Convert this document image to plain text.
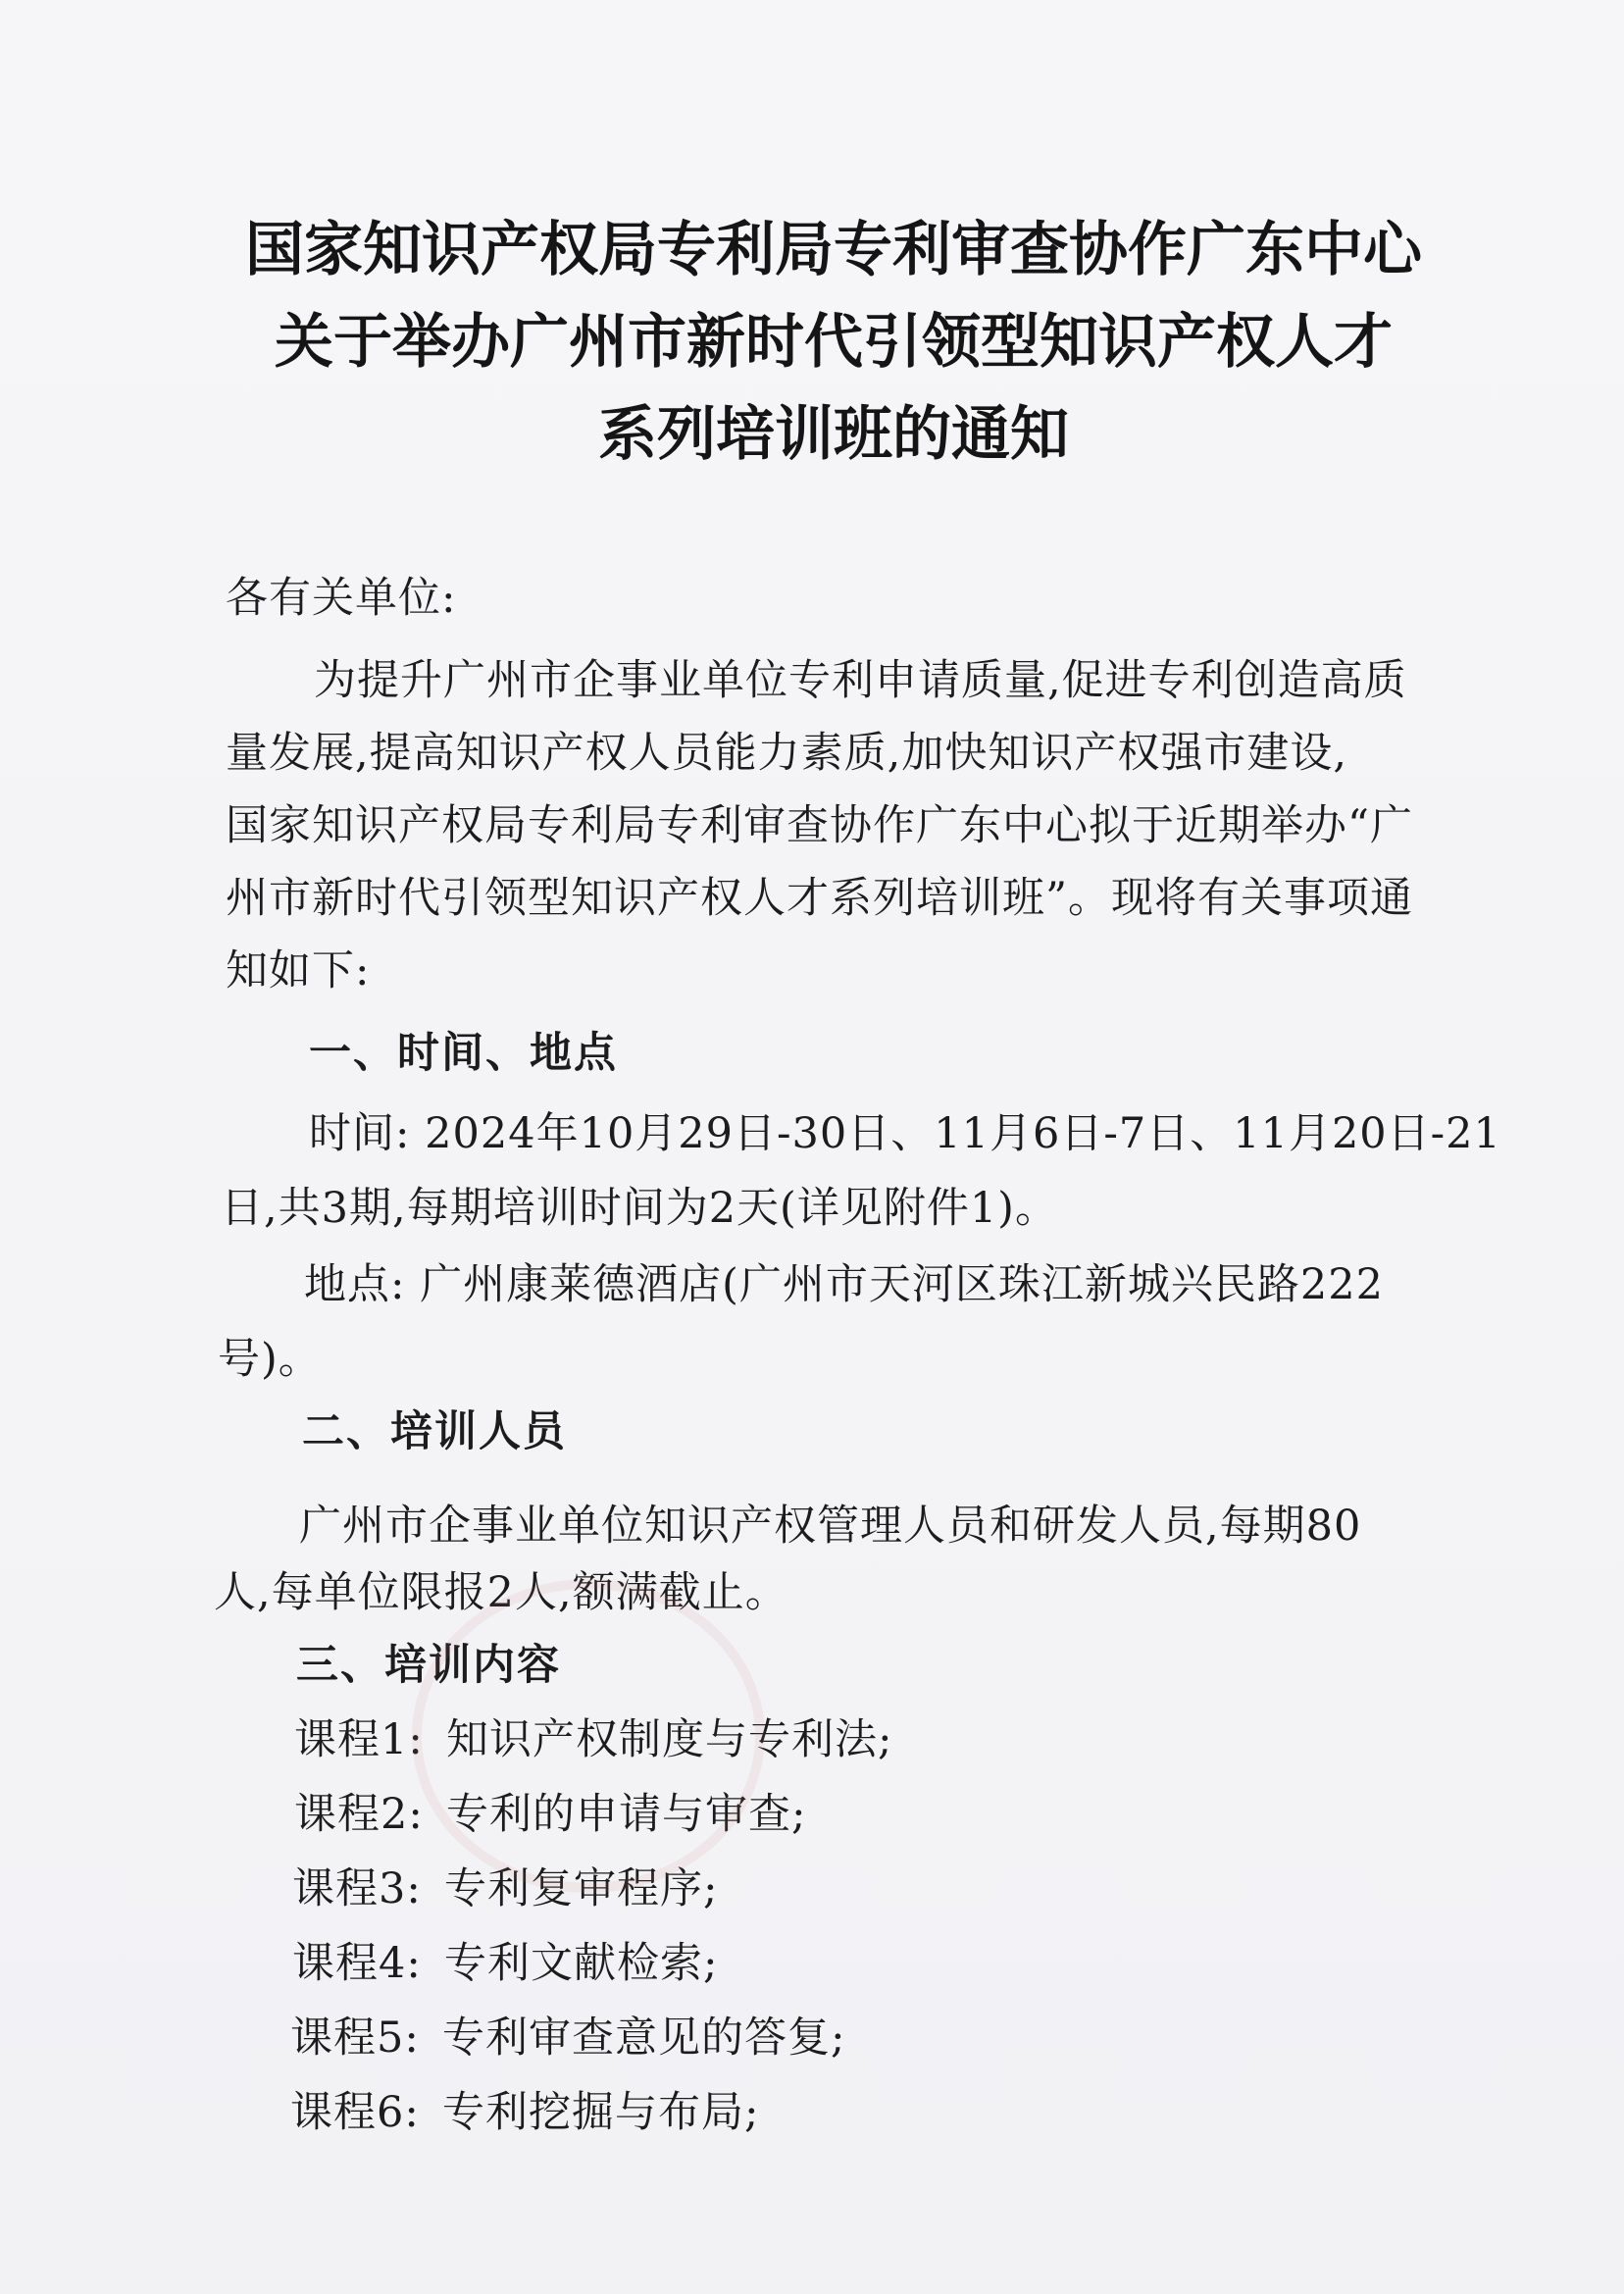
国家知识产权局专利局专利审查协作广东中心
关于举办广州市新时代引领型知识产权人才
系列培训班的通知
各有关单位:
为提升广州市企事业单位专利申请质量,促进专利创造高质
量发展,提高知识产权人员能力素质,加快知识产权强市建设,
国家知识产权局专利局专利审查协作广东中心拟于近期举办“广
州市新时代引领型知识产权人才系列培训班”。现将有关事项通
知如下:
一、时间、地点
时间: 2024年10月29日-30日、11月6日-7日、11月20日-21
日,共3期,每期培训时间为2天(详见附件1)。
地点: 广州康莱德酒店(广州市天河区珠江新城兴民路222
号)。
二、培训人员
广州市企事业单位知识产权管理人员和研发人员,每期80
人,每单位限报2人,额满截止。
三、培训内容
课程1: 知识产权制度与专利法;
课程2: 专利的申请与审查;
课程3: 专利复审程序;
课程4: 专利文献检索;
课程5: 专利审查意见的答复;
课程6: 专利挖掘与布局;
